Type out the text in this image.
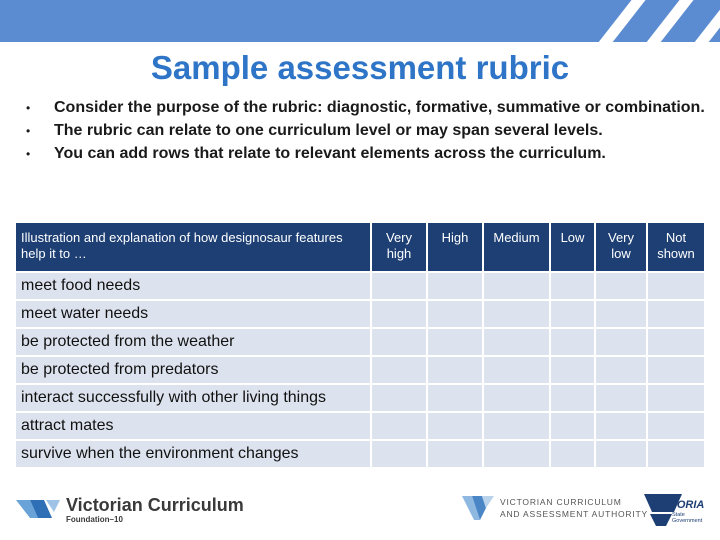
Sample assessment rubric
• Consider the purpose of the rubric: diagnostic, formative, summative or combination.
• The rubric can relate to one curriculum level or may span several levels.
• You can add rows that relate to relevant elements across the curriculum.
Illustration and explanation of how designosaur features help it to …	Very high	High	Medium	Low	Very low	Not shown
meet food needs						
meet water needs						
be protected from the weather						
be protected from predators						
interact successfully with other living things						
attract mates						
survive when the environment changes						
Victorian Curriculum
Foundation–10
VICTORIAN CURRICULUM
AND ASSESSMENT AUTHORITY
VICTORIA
State
Government
